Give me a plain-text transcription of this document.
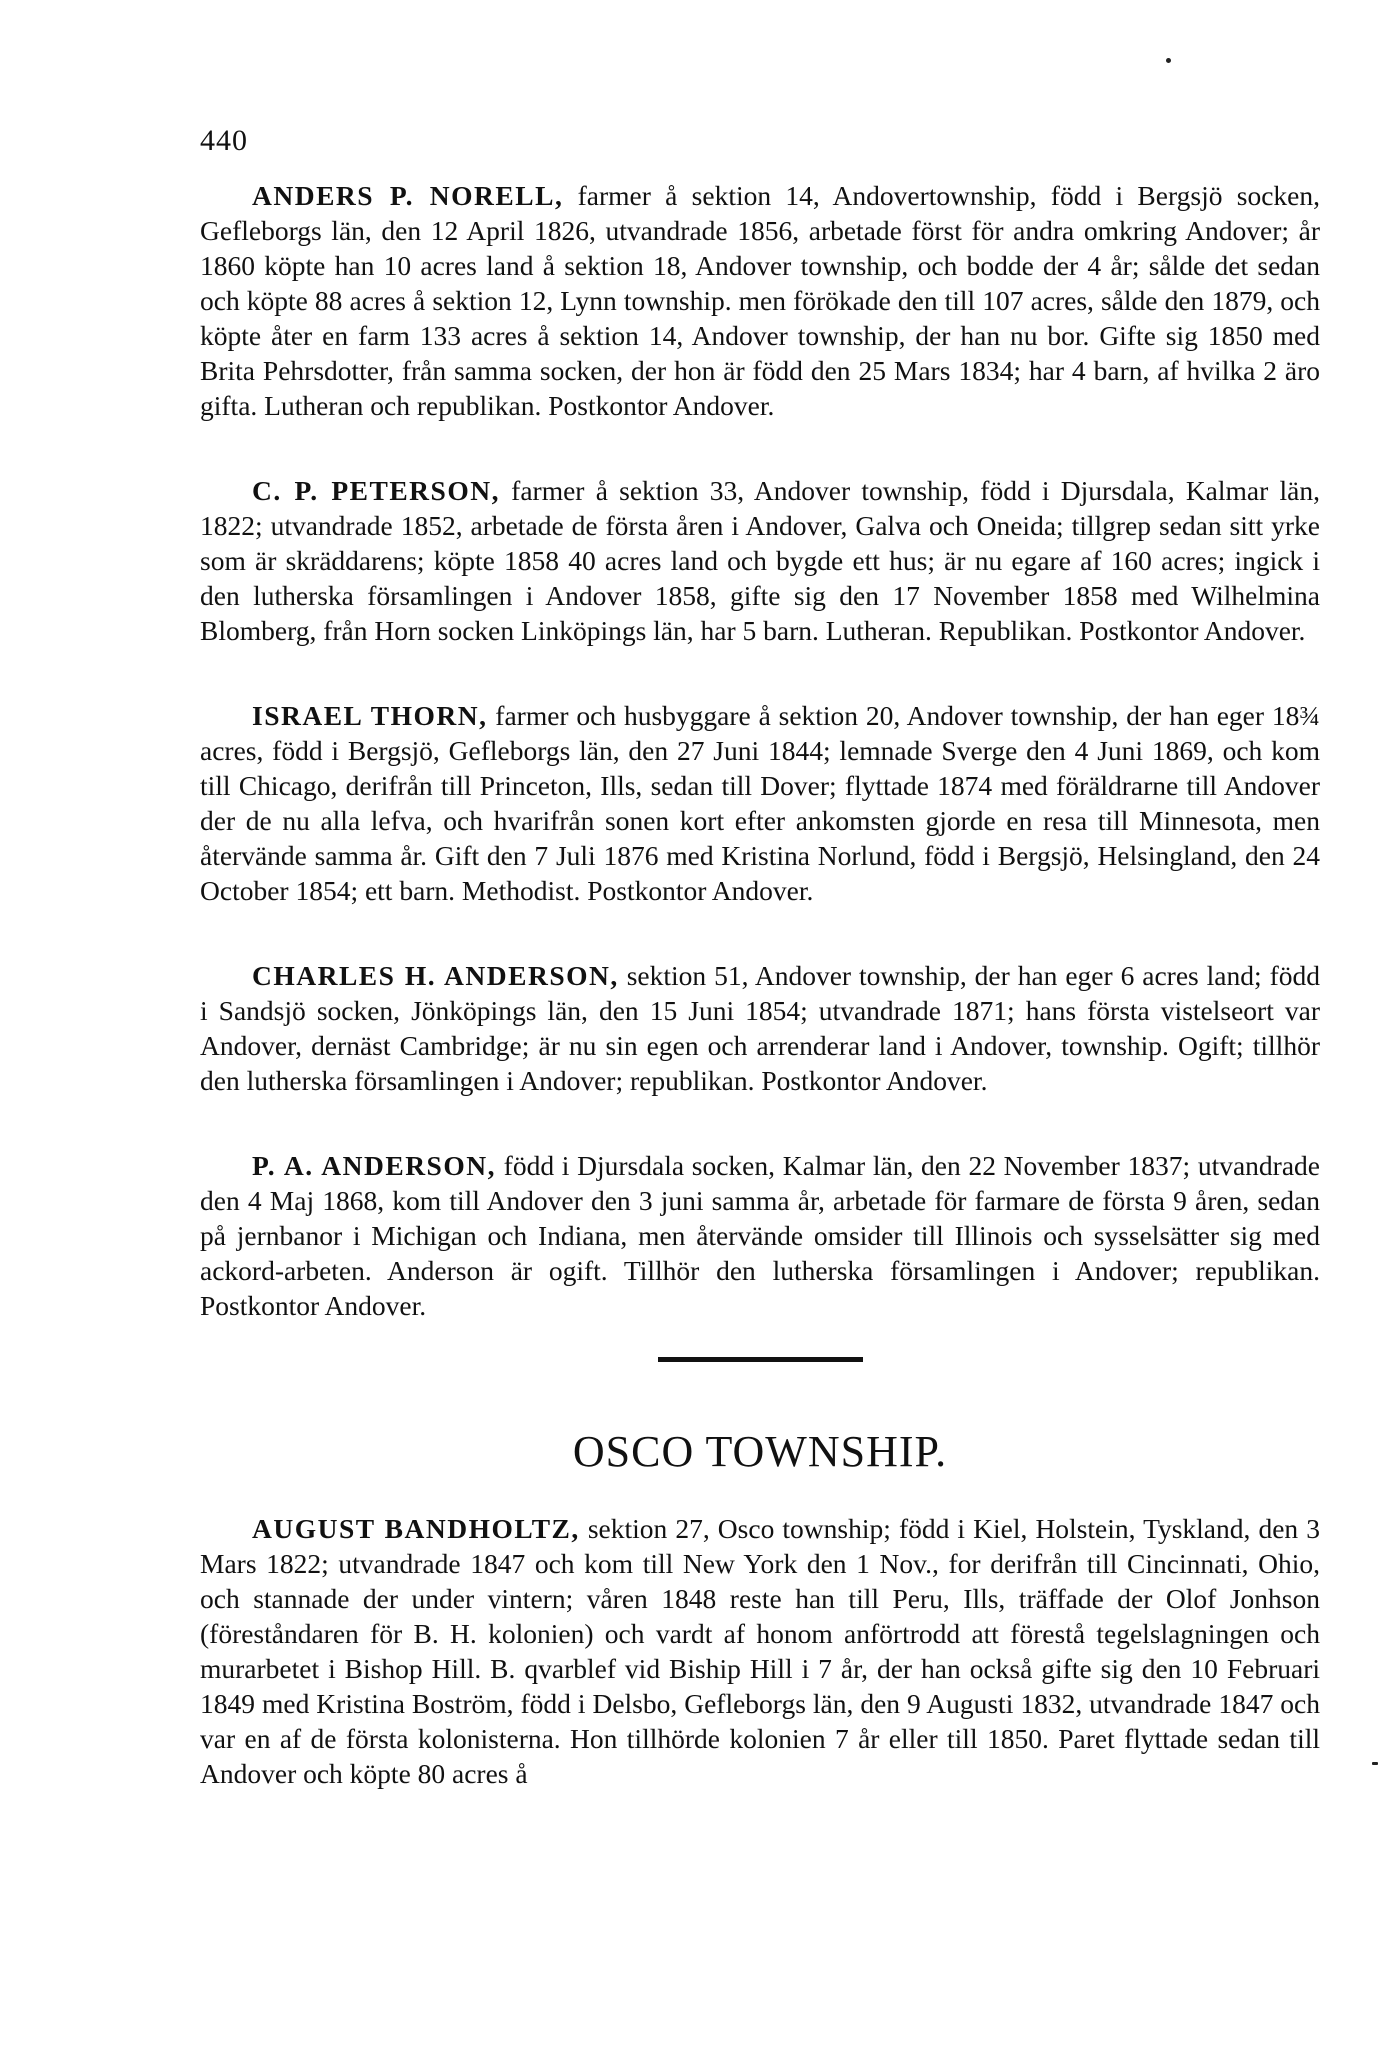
440

ANDERS P. NORELL, farmer å sektion 14, Andovertownship, född i Bergsjö socken, Gefleborgs län, den 12 April 1826, utvandrade 1856, arbetade först för andra omkring Andover; år 1860 köpte han 10 acres land å sektion 18, Andover township, och bodde der 4 år; sålde det sedan och köpte 88 acres å sektion 12, Lynn township. men förökade den till 107 acres, sålde den 1879, och köpte åter en farm 133 acres å sektion 14, Andover township, der han nu bor. Gifte sig 1850 med Brita Pehrsdotter, från samma socken, der hon är född den 25 Mars 1834; har 4 barn, af hvilka 2 äro gifta. Lutheran och republikan. Postkontor Andover.

C. P. PETERSON, farmer å sektion 33, Andover township, född i Djursdala, Kalmar län, 1822; utvandrade 1852, arbetade de första åren i Andover, Galva och Oneida; tillgrep sedan sitt yrke som är skräddarens; köpte 1858 40 acres land och bygde ett hus; är nu egare af 160 acres; ingick i den lutherska församlingen i Andover 1858, gifte sig den 17 November 1858 med Wilhelmina Blomberg, från Horn socken Linköpings län, har 5 barn. Lutheran. Republikan. Postkontor Andover.

ISRAEL THORN, farmer och husbyggare å sektion 20, Andover township, der han eger 18¾ acres, född i Bergsjö, Gefleborgs län, den 27 Juni 1844; lemnade Sverge den 4 Juni 1869, och kom till Chicago, derifrån till Princeton, Ills, sedan till Dover; flyttade 1874 med föräldrarne till Andover der de nu alla lefva, och hvarifrån sonen kort efter ankomsten gjorde en resa till Minnesota, men återvände samma år. Gift den 7 Juli 1876 med Kristina Norlund, född i Bergsjö, Helsingland, den 24 October 1854; ett barn. Methodist. Postkontor Andover.

CHARLES H. ANDERSON, sektion 51, Andover township, der han eger 6 acres land; född i Sandsjö socken, Jönköpings län, den 15 Juni 1854; utvandrade 1871; hans första vistelseort var Andover, dernäst Cambridge; är nu sin egen och arrenderar land i Andover, township. Ogift; tillhör den lutherska församlingen i Andover; republikan. Postkontor Andover.

P. A. ANDERSON, född i Djursdala socken, Kalmar län, den 22 November 1837; utvandrade den 4 Maj 1868, kom till Andover den 3 juni samma år, arbetade för farmare de första 9 åren, sedan på jernbanor i Michigan och Indiana, men återvände omsider till Illinois och sysselsätter sig med ackord-arbeten. Anderson är ogift. Tillhör den lutherska församlingen i Andover; republikan. Postkontor Andover.

OSCO TOWNSHIP.

AUGUST BANDHOLTZ, sektion 27, Osco township; född i Kiel, Holstein, Tyskland, den 3 Mars 1822; utvandrade 1847 och kom till New York den 1 Nov., for derifrån till Cincinnati, Ohio, och stannade der under vintern; våren 1848 reste han till Peru, Ills, träffade der Olof Jonhson (föreståndaren för B. H. kolonien) och vardt af honom anförtrodd att förestå tegelslagningen och murarbetet i Bishop Hill. B. qvarblef vid Biship Hill i 7 år, der han också gifte sig den 10 Februari 1849 med Kristina Boström, född i Delsbo, Gefleborgs län, den 9 Augusti 1832, utvandrade 1847 och var en af de första kolonisterna. Hon tillhörde kolonien 7 år eller till 1850. Paret flyttade sedan till Andover och köpte 80 acres å
